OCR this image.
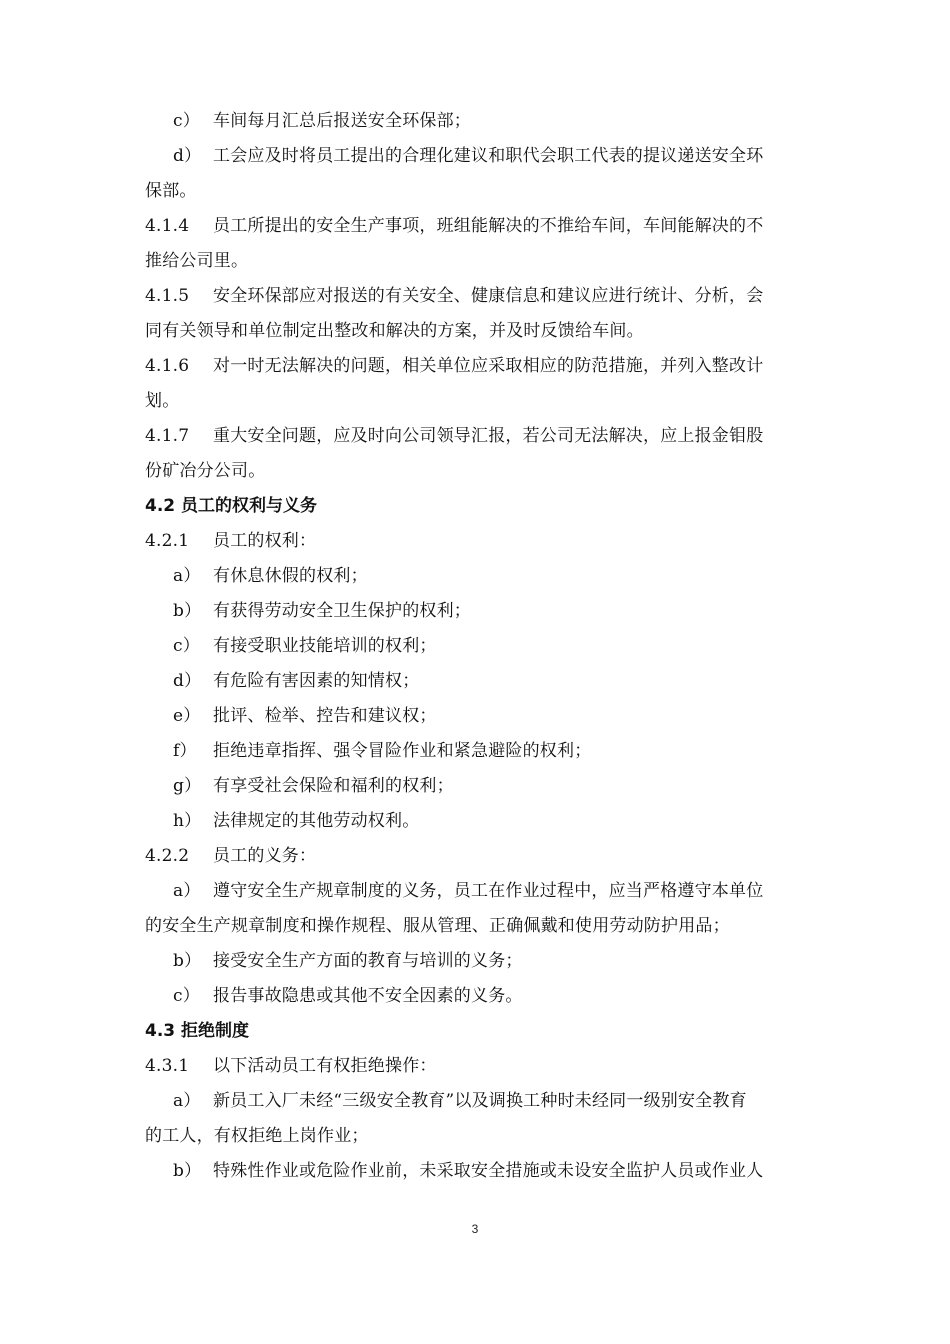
c） 车间每月汇总后报送安全环保部；
d） 工会应及时将员工提出的合理化建议和职代会职工代表的提议递送安全环
保部。
4.1.4 员工所提出的安全生产事项，班组能解决的不推给车间，车间能解决的不
推给公司里。
4.1.5 安全环保部应对报送的有关安全、健康信息和建议应进行统计、分析，会
同有关领导和单位制定出整改和解决的方案，并及时反馈给车间。
4.1.6 对一时无法解决的问题，相关单位应采取相应的防范措施，并列入整改计
划。
4.1.7 重大安全问题，应及时向公司领导汇报，若公司无法解决，应上报金钼股
份矿冶分公司。
4.2 员工的权利与义务
4.2.1 员工的权利：
a） 有休息休假的权利；
b） 有获得劳动安全卫生保护的权利；
c） 有接受职业技能培训的权利；
d） 有危险有害因素的知情权；
e） 批评、检举、控告和建议权；
f） 拒绝违章指挥、强令冒险作业和紧急避险的权利；
g） 有享受社会保险和福利的权利；
h） 法律规定的其他劳动权利。
4.2.2 员工的义务：
a） 遵守安全生产规章制度的义务，员工在作业过程中，应当严格遵守本单位
的安全生产规章制度和操作规程、服从管理、正确佩戴和使用劳动防护用品；
b） 接受安全生产方面的教育与培训的义务；
c） 报告事故隐患或其他不安全因素的义务。
4.3 拒绝制度
4.3.1 以下活动员工有权拒绝操作：
a） 新员工入厂未经“三级安全教育”以及调换工种时未经同一级别安全教育
的工人，有权拒绝上岗作业；
b） 特殊性作业或危险作业前，未采取安全措施或未设安全监护人员或作业人
3
